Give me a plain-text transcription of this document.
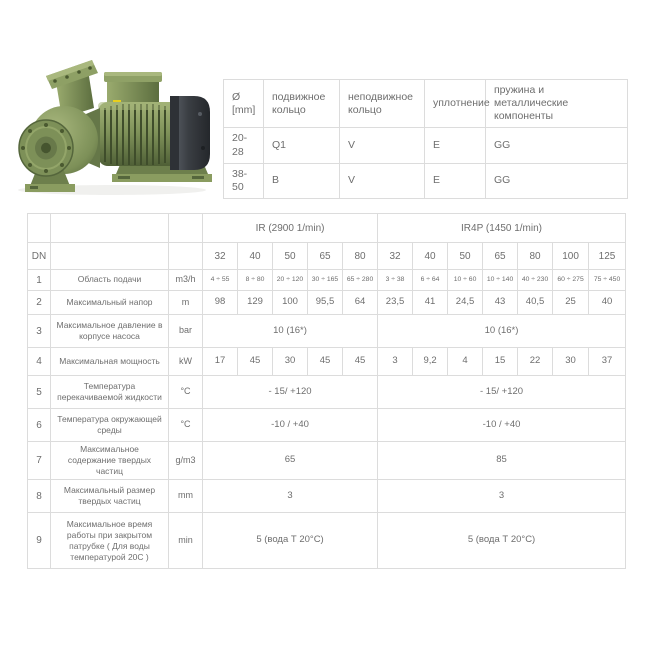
Ø [mm]	подвижное кольцо	неподвижное кольцо	уплотнение	пружина и металлические компоненты
20-28	Q1	V	E	GG
38-50	B	V	E	GG
			IR (2900 1/min)					IR4P (1450 1/min)						
DN			32	40	50	65	80	32	40	50	65	80	100	125
1	Область подачи	m3/h	4 ÷ 55	8 ÷ 80	20 ÷ 120	30 ÷ 165	65 ÷ 280	3 ÷ 38	6 ÷ 64	10 ÷ 60	10 ÷ 140	40 ÷ 230	60 ÷ 275	75 ÷ 450
2	Максимальный напор	m	98	129	100	95,5	64	23,5	41	24,5	43	40,5	25	40
3	Максимальное давление в корпусе насоса	bar	10 (16*)					10 (16*)						
4	Максимальная мощность	kW	17	45	30	45	45	3	9,2	4	15	22	30	37
5	Температура перекачиваемой жидкости	°C	- 15/ +120					- 15/ +120						
6	Температура окружающей среды	°C	-10 / +40					-10 / +40						
7	Максимальное содержание твердых частиц	g/m3	65					85						
8	Максимальный размер твердых частиц	mm	3					3						
9	Максимальное время работы при закрытом патрубке ( Для воды температурой 20С )	min	5 (вода Т 20°C)					5 (вода Т 20°C)						
